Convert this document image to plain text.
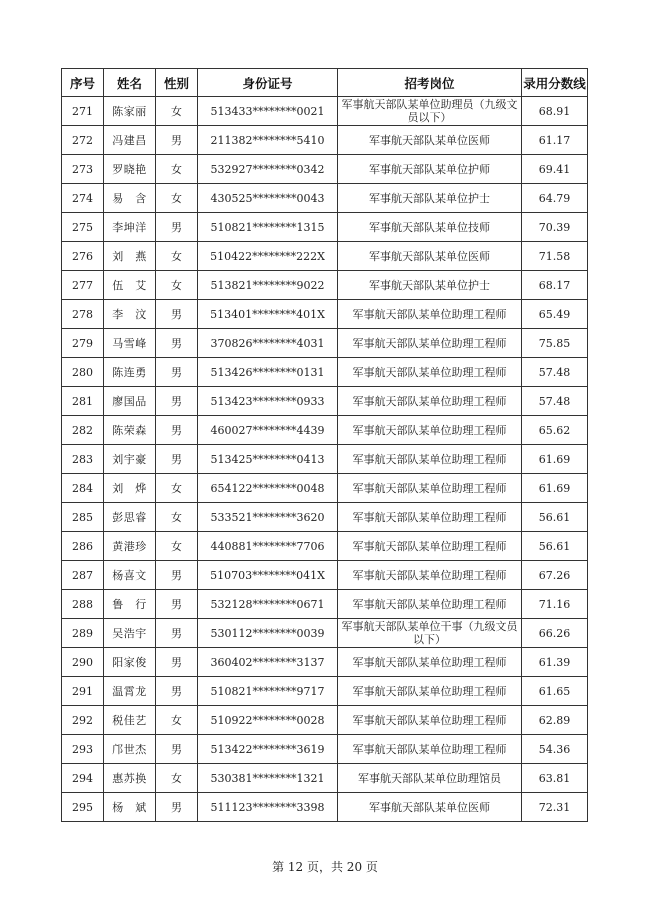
序号	姓名	性别	身份证号	招考岗位	录用分数线
271	陈家丽	女	513433********0021	军事航天部队某单位助理员（九级文员以下）	68.91
272	冯建昌	男	211382********5410	军事航天部队某单位医师	61.17
273	罗晓艳	女	532927********0342	军事航天部队某单位护师	69.41
274	易　含	女	430525********0043	军事航天部队某单位护士	64.79
275	李坤洋	男	510821********1315	军事航天部队某单位技师	70.39
276	刘　燕	女	510422********222X	军事航天部队某单位医师	71.58
277	伍　艾	女	513821********9022	军事航天部队某单位护士	68.17
278	李　汶	男	513401********401X	军事航天部队某单位助理工程师	65.49
279	马雪峰	男	370826********4031	军事航天部队某单位助理工程师	75.85
280	陈连勇	男	513426********0131	军事航天部队某单位助理工程师	57.48
281	廖国品	男	513423********0933	军事航天部队某单位助理工程师	57.48
282	陈荣森	男	460027********4439	军事航天部队某单位助理工程师	65.62
283	刘宇豪	男	513425********0413	军事航天部队某单位助理工程师	61.69
284	刘　烨	女	654122********0048	军事航天部队某单位助理工程师	61.69
285	彭思睿	女	533521********3620	军事航天部队某单位助理工程师	56.61
286	黄港珍	女	440881********7706	军事航天部队某单位助理工程师	56.61
287	杨喜文	男	510703********041X	军事航天部队某单位助理工程师	67.26
288	鲁　行	男	532128********0671	军事航天部队某单位助理工程师	71.16
289	吴浩宇	男	530112********0039	军事航天部队某单位干事（九级文员以下）	66.26
290	阳家俊	男	360402********3137	军事航天部队某单位助理工程师	61.39
291	温霄龙	男	510821********9717	军事航天部队某单位助理工程师	61.65
292	税佳艺	女	510922********0028	军事航天部队某单位助理工程师	62.89
293	邝世杰	男	513422********3619	军事航天部队某单位助理工程师	54.36
294	惠苏换	女	530381********1321	军事航天部队某单位助理馆员	63.81
295	杨　斌	男	511123********3398	军事航天部队某单位医师	72.31
第 12 页，共 20 页
